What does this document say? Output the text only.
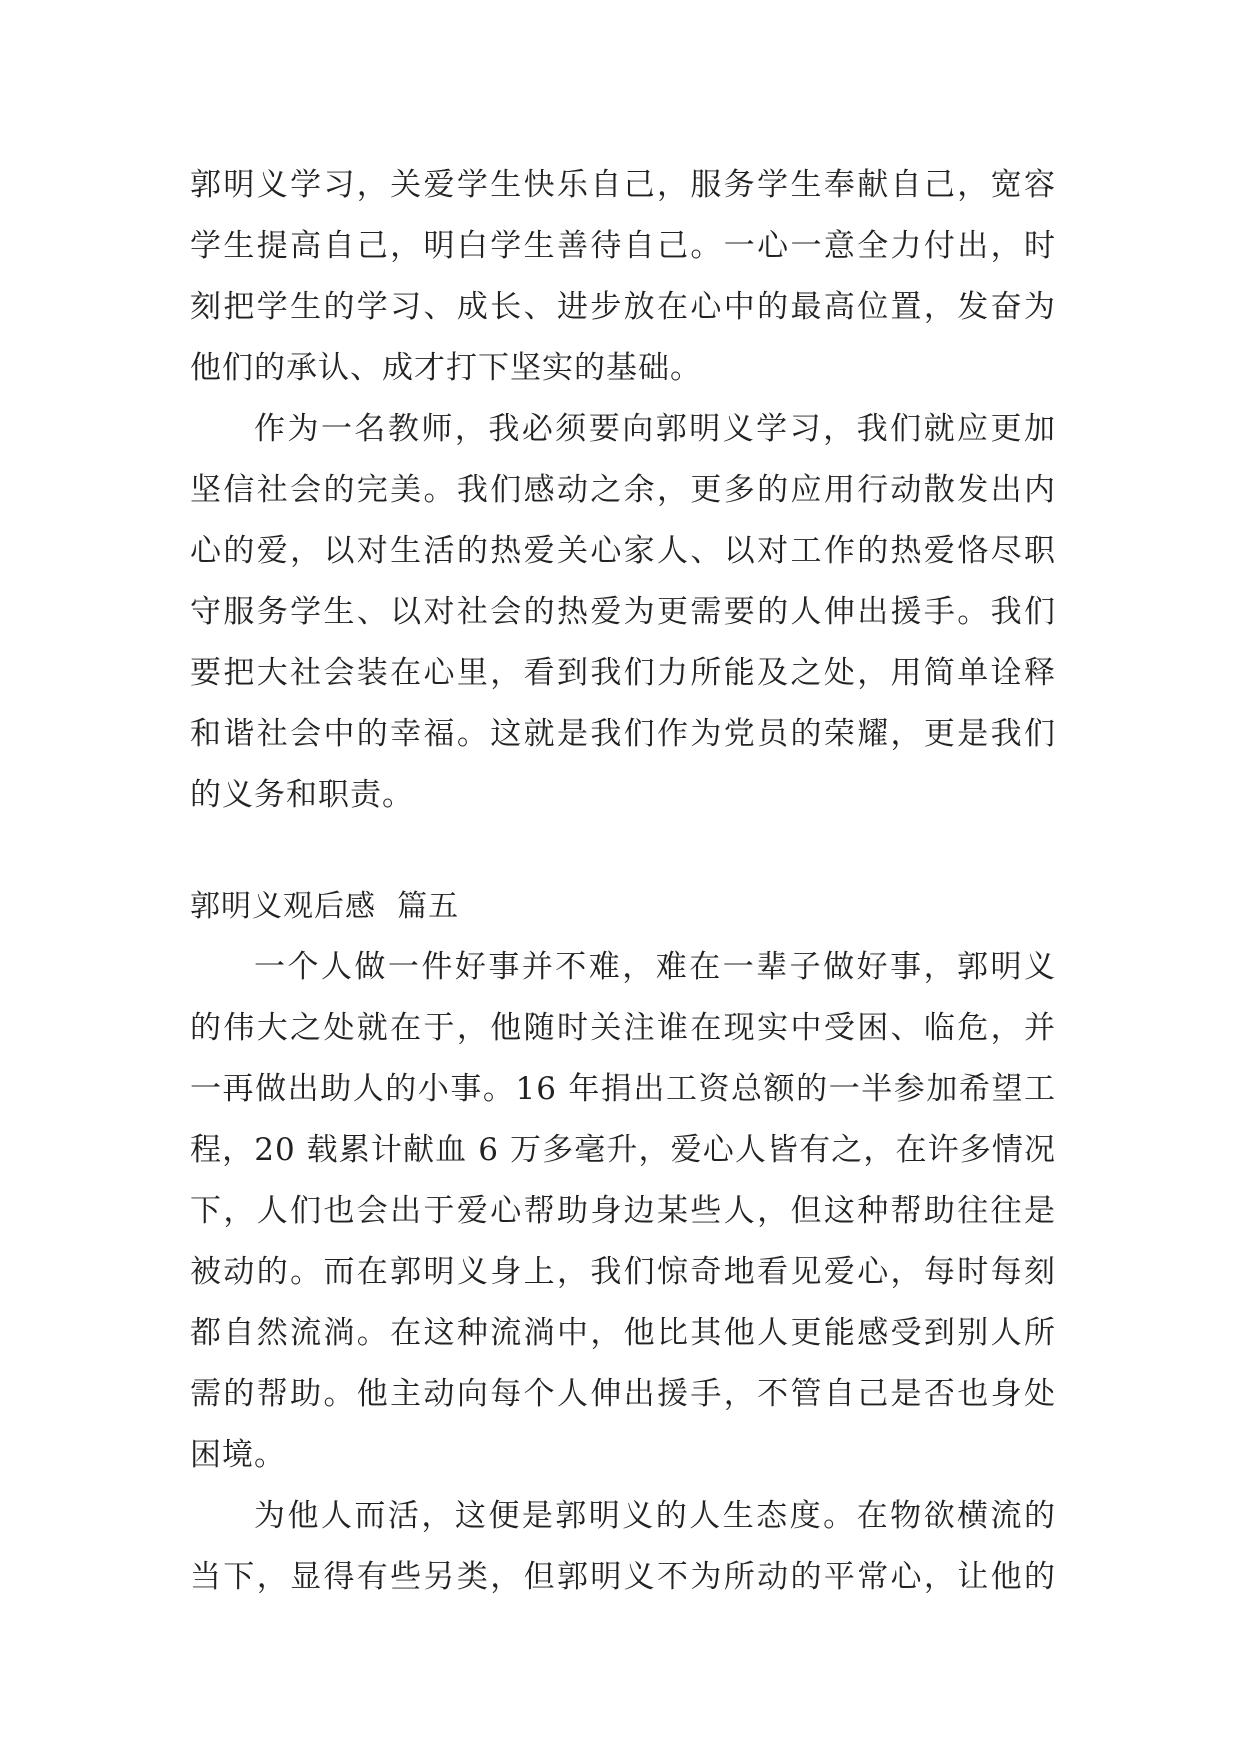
郭明义学习，关爱学生快乐自己，服务学生奉献自己，宽容
学生提高自己，明白学生善待自己。一心一意全力付出，时
刻把学生的学习、成长、进步放在心中的最高位置，发奋为
他们的承认、成才打下坚实的基础。
作为一名教师，我必须要向郭明义学习，我们就应更加
坚信社会的完美。我们感动之余，更多的应用行动散发出内
心的爱，以对生活的热爱关心家人、以对工作的热爱恪尽职
守服务学生、以对社会的热爱为更需要的人伸出援手。我们
要把大社会装在心里，看到我们力所能及之处，用简单诠释
和谐社会中的幸福。这就是我们作为党员的荣耀，更是我们
的义务和职责。
郭明义观后感  篇五
一个人做一件好事并不难，难在一辈子做好事，郭明义
的伟大之处就在于，他随时关注谁在现实中受困、临危，并
一再做出助人的小事。16 年捐出工资总额的一半参加希望工
程，20 载累计献血 6 万多毫升，爱心人皆有之，在许多情况
下，人们也会出于爱心帮助身边某些人，但这种帮助往往是
被动的。而在郭明义身上，我们惊奇地看见爱心，每时每刻
都自然流淌。在这种流淌中，他比其他人更能感受到别人所
需的帮助。他主动向每个人伸出援手，不管自己是否也身处
困境。
为他人而活，这便是郭明义的人生态度。在物欲横流的
当下，显得有些另类，但郭明义不为所动的平常心，让他的
